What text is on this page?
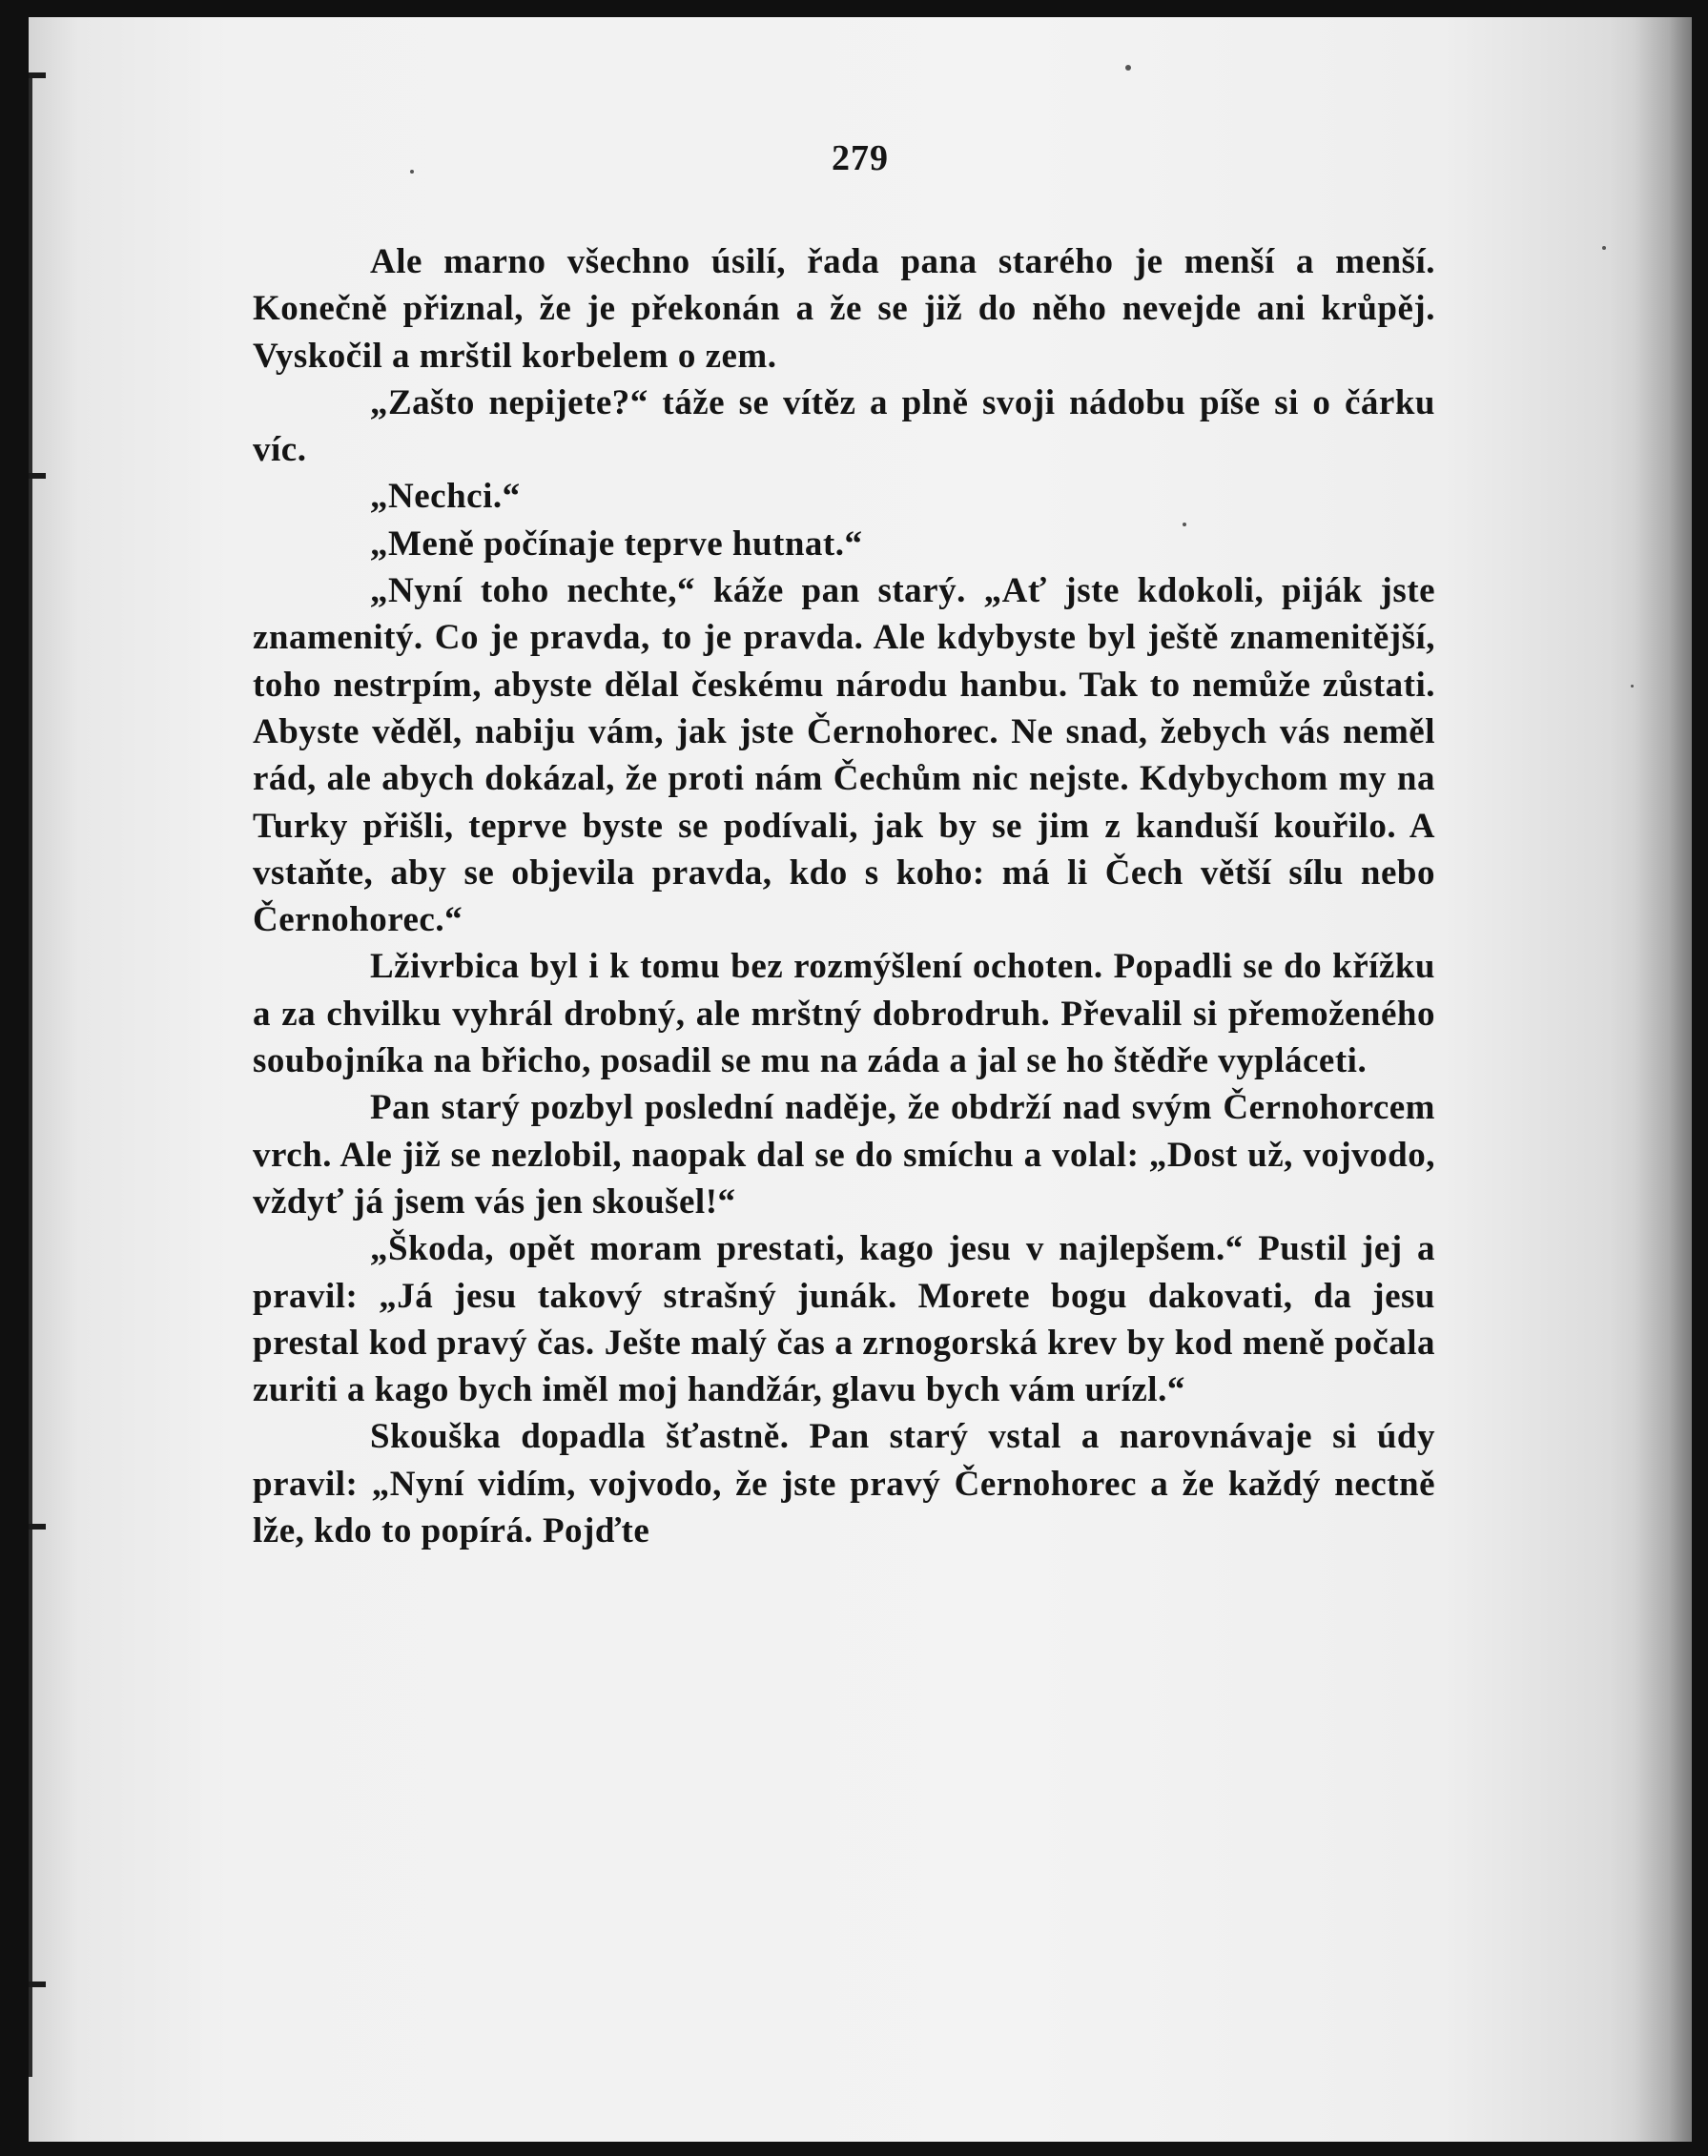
279

Ale marno všechno úsilí, řada pana starého je menší a menší. Konečně přiznal, že je překonán a že se již do něho nevejde ani krůpěj. Vyskočil a mrštil korbelem o zem.

„Zašto nepijete?“ táže se vítěz a plně svoji nádobu píše si o čárku víc.

„Nechci.“

„Meně počínaje teprve hutnat.“

„Nyní toho nechte,“ káže pan starý. „Ať jste kdokoli, piják jste znamenitý. Co je pravda, to je pravda. Ale kdybyste byl ještě znamenitější, toho nestrpím, abyste dělal českému národu hanbu. Tak to nemůže zůstati. Abyste věděl, nabiju vám, jak jste Černohorec. Ne snad, žebych vás neměl rád, ale abych dokázal, že proti nám Čechům nic nejste. Kdybychom my na Turky přišli, teprve byste se podívali, jak by se jim z kanduší kouřilo. A vstaňte, aby se objevila pravda, kdo s koho: má li Čech větší sílu nebo Černohorec.“

Lživrbica byl i k tomu bez rozmýšlení ochoten. Popadli se do křížku a za chvilku vyhrál drobný, ale mrštný dobrodruh. Převalil si přemoženého soubojníka na břicho, posadil se mu na záda a jal se ho štědře vypláceti.

Pan starý pozbyl poslední naděje, že obdrží nad svým Černohorcem vrch. Ale již se nezlobil, naopak dal se do smíchu a volal: „Dost už, vojvodo, vždyť já jsem vás jen skoušel!“

„Škoda, opět moram prestati, kago jesu v najlepšem.“ Pustil jej a pravil: „Já jesu takový strašný junák. Morete bogu dakovati, da jesu prestal kod pravý čas. Ješte malý čas a zrnogorská krev by kod meně počala zuriti a kago bych iměl moj handžár, glavu bych vám urízl.“

Skouška dopadla šťastně. Pan starý vstal a narovnávaje si údy pravil: „Nyní vidím, vojvodo, že jste pravý Černohorec a že každý nectně lže, kdo to popírá. Pojďte
